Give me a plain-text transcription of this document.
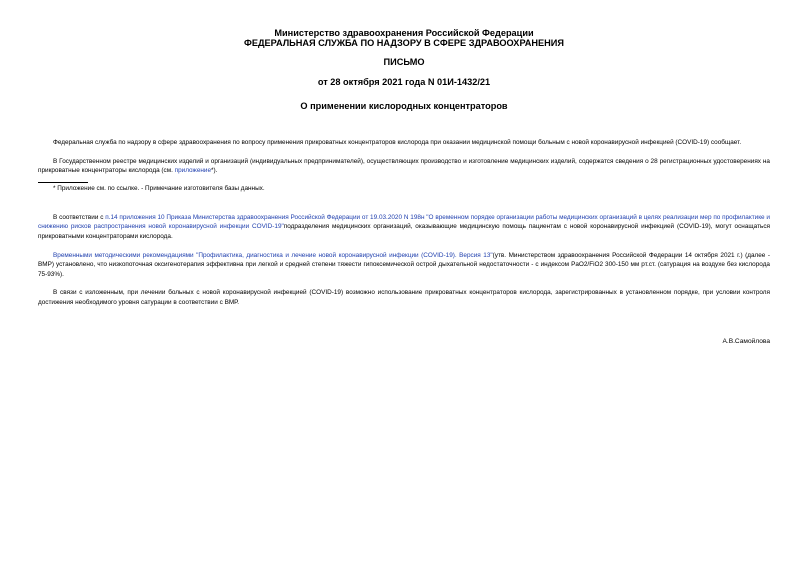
Министерство здравоохранения Российской Федерации

ФЕДЕРАЛЬНАЯ СЛУЖБА ПО НАДЗОРУ В СФЕРЕ ЗДРАВООХРАНЕНИЯ

ПИСЬМО

от 28 октября 2021 года N 01И-1432/21

О применении кислородных концентраторов

Федеральная служба по надзору в сфере здравоохранения по вопросу применения прикроватных концентраторов кислорода при оказании медицинской помощи больным с новой коронавирусной инфекцией (COVID-19) сообщает.

В Государственном реестре медицинских изделий и организаций (индивидуальных предпринимателей), осуществляющих производство и изготовление медицинских изделий, содержатся сведения о 28 регистрационных удостоверениях на прикроватные концентраторы кислорода (см. приложение*).

* Приложение см. по ссылке. - Примечание изготовителя базы данных.

В соответствии с п.14 приложения 10 Приказа Министерства здравоохранения Российской Федерации от 19.03.2020 N 198н "О временном порядке организации работы медицинских организаций в целях реализации мер по профилактике и снижению рисков распространения новой коронавирусной инфекции COVID-19"подразделения медицинских организаций, оказывающие медицинскую помощь пациентам с новой коронавирусной инфекцией (COVID-19), могут оснащаться прикроватными концентраторами кислорода.

Временными методическими рекомендациями "Профилактика, диагностика и лечение новой коронавирусной инфекции (COVID-19). Версия 13"(утв. Министерством здравоохранения Российской Федерации 14 октября 2021 г.) (далее - ВМР) установлено, что низкопоточная оксигенотерапия эффективна при легкой и средней степени тяжести гипоксемической острой дыхательной недостаточности - с индексом PaO2/FiO2 300-150 мм рт.ст. (сатурация на воздухе без кислорода 75-93%).

В связи с изложенным, при лечении больных с новой коронавирусной инфекцией (COVID-19) возможно использование прикроватных концентраторов кислорода, зарегистрированных в установленном порядке, при условии контроля достижения необходимого уровня сатурации в соответствии с ВМР.

А.В.Самойлова
